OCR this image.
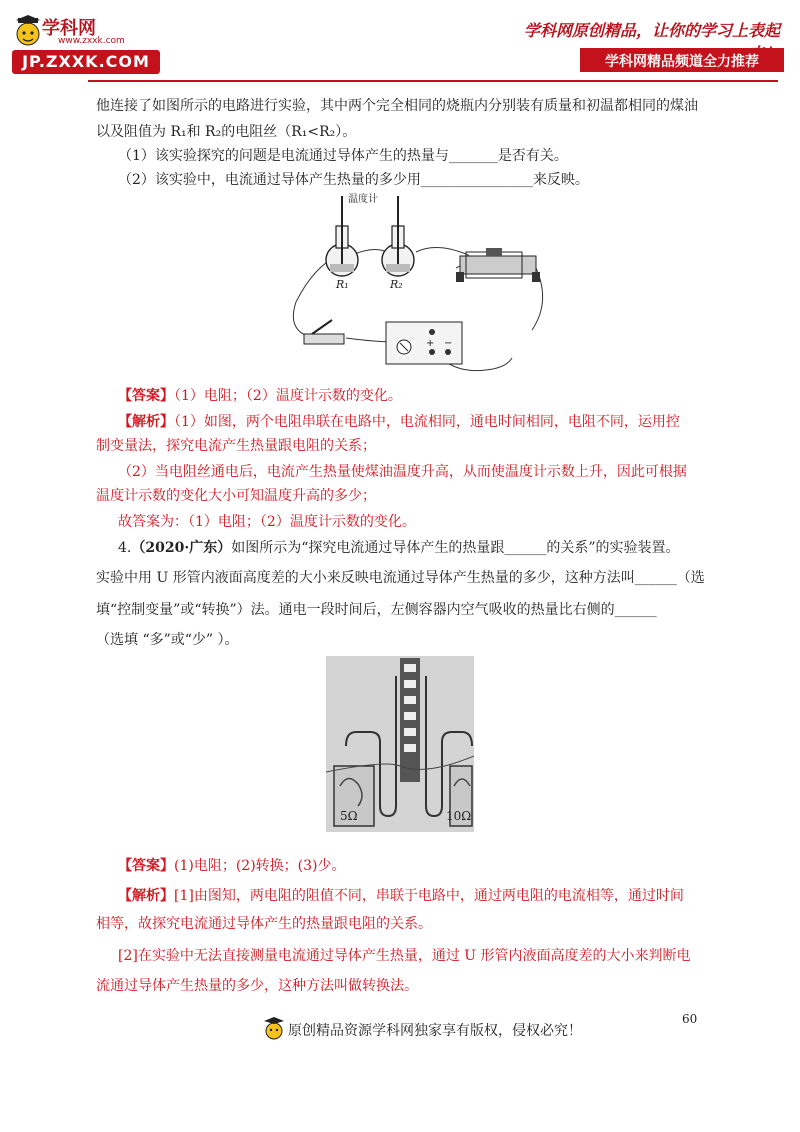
学科网
www.zxxk.com
JP.ZXXK.COM
学科网原创精品，让你的学习上表起
学科网精品频道全力推荐
他连接了如图所示的电路进行实验，其中两个完全相同的烧瓶内分别装有质量和初温都相同的煤油
以及阻值为 R₁和 R₂的电阻丝（R₁<R₂）。
（1）该实验探究的问题是电流通过导体产生的热量与_______是否有关。
（2）该实验中，电流通过导体产生热量的多少用________________来反映。
温度计
R₁	R₂
+ −
【答案】（1）电阻；（2）温度计示数的变化。
【解析】（1）如图，两个电阻串联在电路中，电流相同，通电时间相同，电阻不同，运用控
制变量法，探究电流产生热量跟电阻的关系；
（2）当电阻丝通电后，电流产生热量使煤油温度升高，从而使温度计示数上升，因此可根据
温度计示数的变化大小可知温度升高的多少；
故答案为：（1）电阻；（2）温度计示数的变化。
4.（2020·广东）如图所示为“探究电流通过导体产生的热量跟______的关系”的实验装置。
实验中用 U 形管内液面高度差的大小来反映电流通过导体产生热量的多少，这种方法叫______（选
填“控制变量”或“转换”）法。通电一段时间后，左侧容器内空气吸收的热量比右侧的______
（选填 “多”或“少” ）。
5Ω	10Ω
【答案】(1)电阻；(2)转换；(3)少。
【解析】[1]由图知，两电阻的阻值不同，串联于电路中，通过两电阻的电流相等，通过时间
相等，故探究电流通过导体产生的热量跟电阻的关系。
[2]在实验中无法直接测量电流通过导体产生热量，通过 U 形管内液面高度差的大小来判断电
流通过导体产生热量的多少，这种方法叫做转换法。
60
原创精品资源学科网独家享有版权，侵权必究！
